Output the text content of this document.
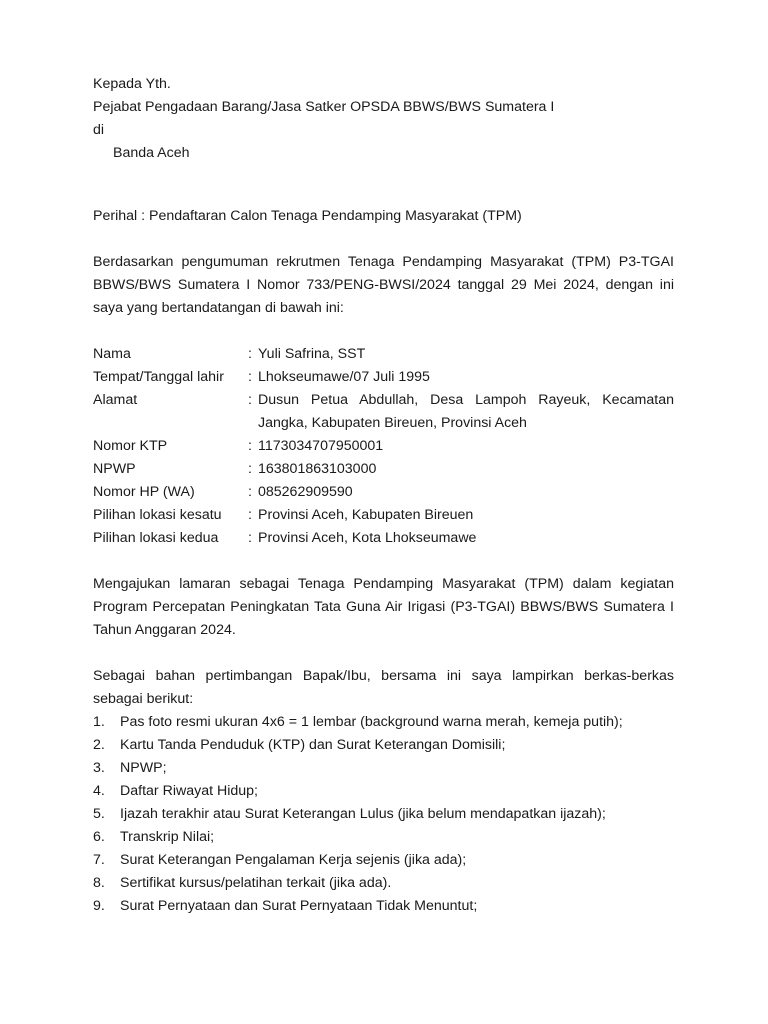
Kepada Yth.
Pejabat Pengadaan Barang/Jasa Satker OPSDA BBWS/BWS Sumatera I
di
Banda Aceh
Perihal : Pendaftaran Calon Tenaga Pendamping Masyarakat (TPM)
Berdasarkan pengumuman rekrutmen Tenaga Pendamping Masyarakat (TPM) P3-TGAI BBWS/BWS Sumatera I Nomor 733/PENG-BWSI/2024 tanggal 29 Mei 2024, dengan ini saya yang bertandatangan di bawah ini:
Nama	:	Yuli Safrina, SST
Tempat/Tanggal lahir	:	Lhokseumawe/07 Juli 1995
Alamat	:	Dusun Petua Abdullah, Desa Lampoh Rayeuk, Kecamatan Jangka, Kabupaten Bireuen, Provinsi Aceh
Nomor KTP	:	1173034707950001
NPWP	:	163801863103000
Nomor HP (WA)	:	085262909590
Pilihan lokasi kesatu	:	Provinsi Aceh, Kabupaten Bireuen
Pilihan lokasi kedua	:	Provinsi Aceh, Kota Lhokseumawe
Mengajukan lamaran sebagai Tenaga Pendamping Masyarakat (TPM) dalam kegiatan Program Percepatan Peningkatan Tata Guna Air Irigasi (P3-TGAI) BBWS/BWS Sumatera I Tahun Anggaran 2024.
Sebagai bahan pertimbangan Bapak/Ibu, bersama ini saya lampirkan berkas-berkas sebagai berikut:
1.	Pas foto resmi ukuran 4x6 = 1 lembar (background warna merah, kemeja putih);
2.	Kartu Tanda Penduduk (KTP) dan Surat Keterangan Domisili;
3.	NPWP;
4.	Daftar Riwayat Hidup;
5.	Ijazah terakhir atau Surat Keterangan Lulus (jika belum mendapatkan ijazah);
6.	Transkrip Nilai;
7.	Surat Keterangan Pengalaman Kerja sejenis (jika ada);
8.	Sertifikat kursus/pelatihan terkait (jika ada).
9.	Surat Pernyataan dan Surat Pernyataan Tidak Menuntut;
